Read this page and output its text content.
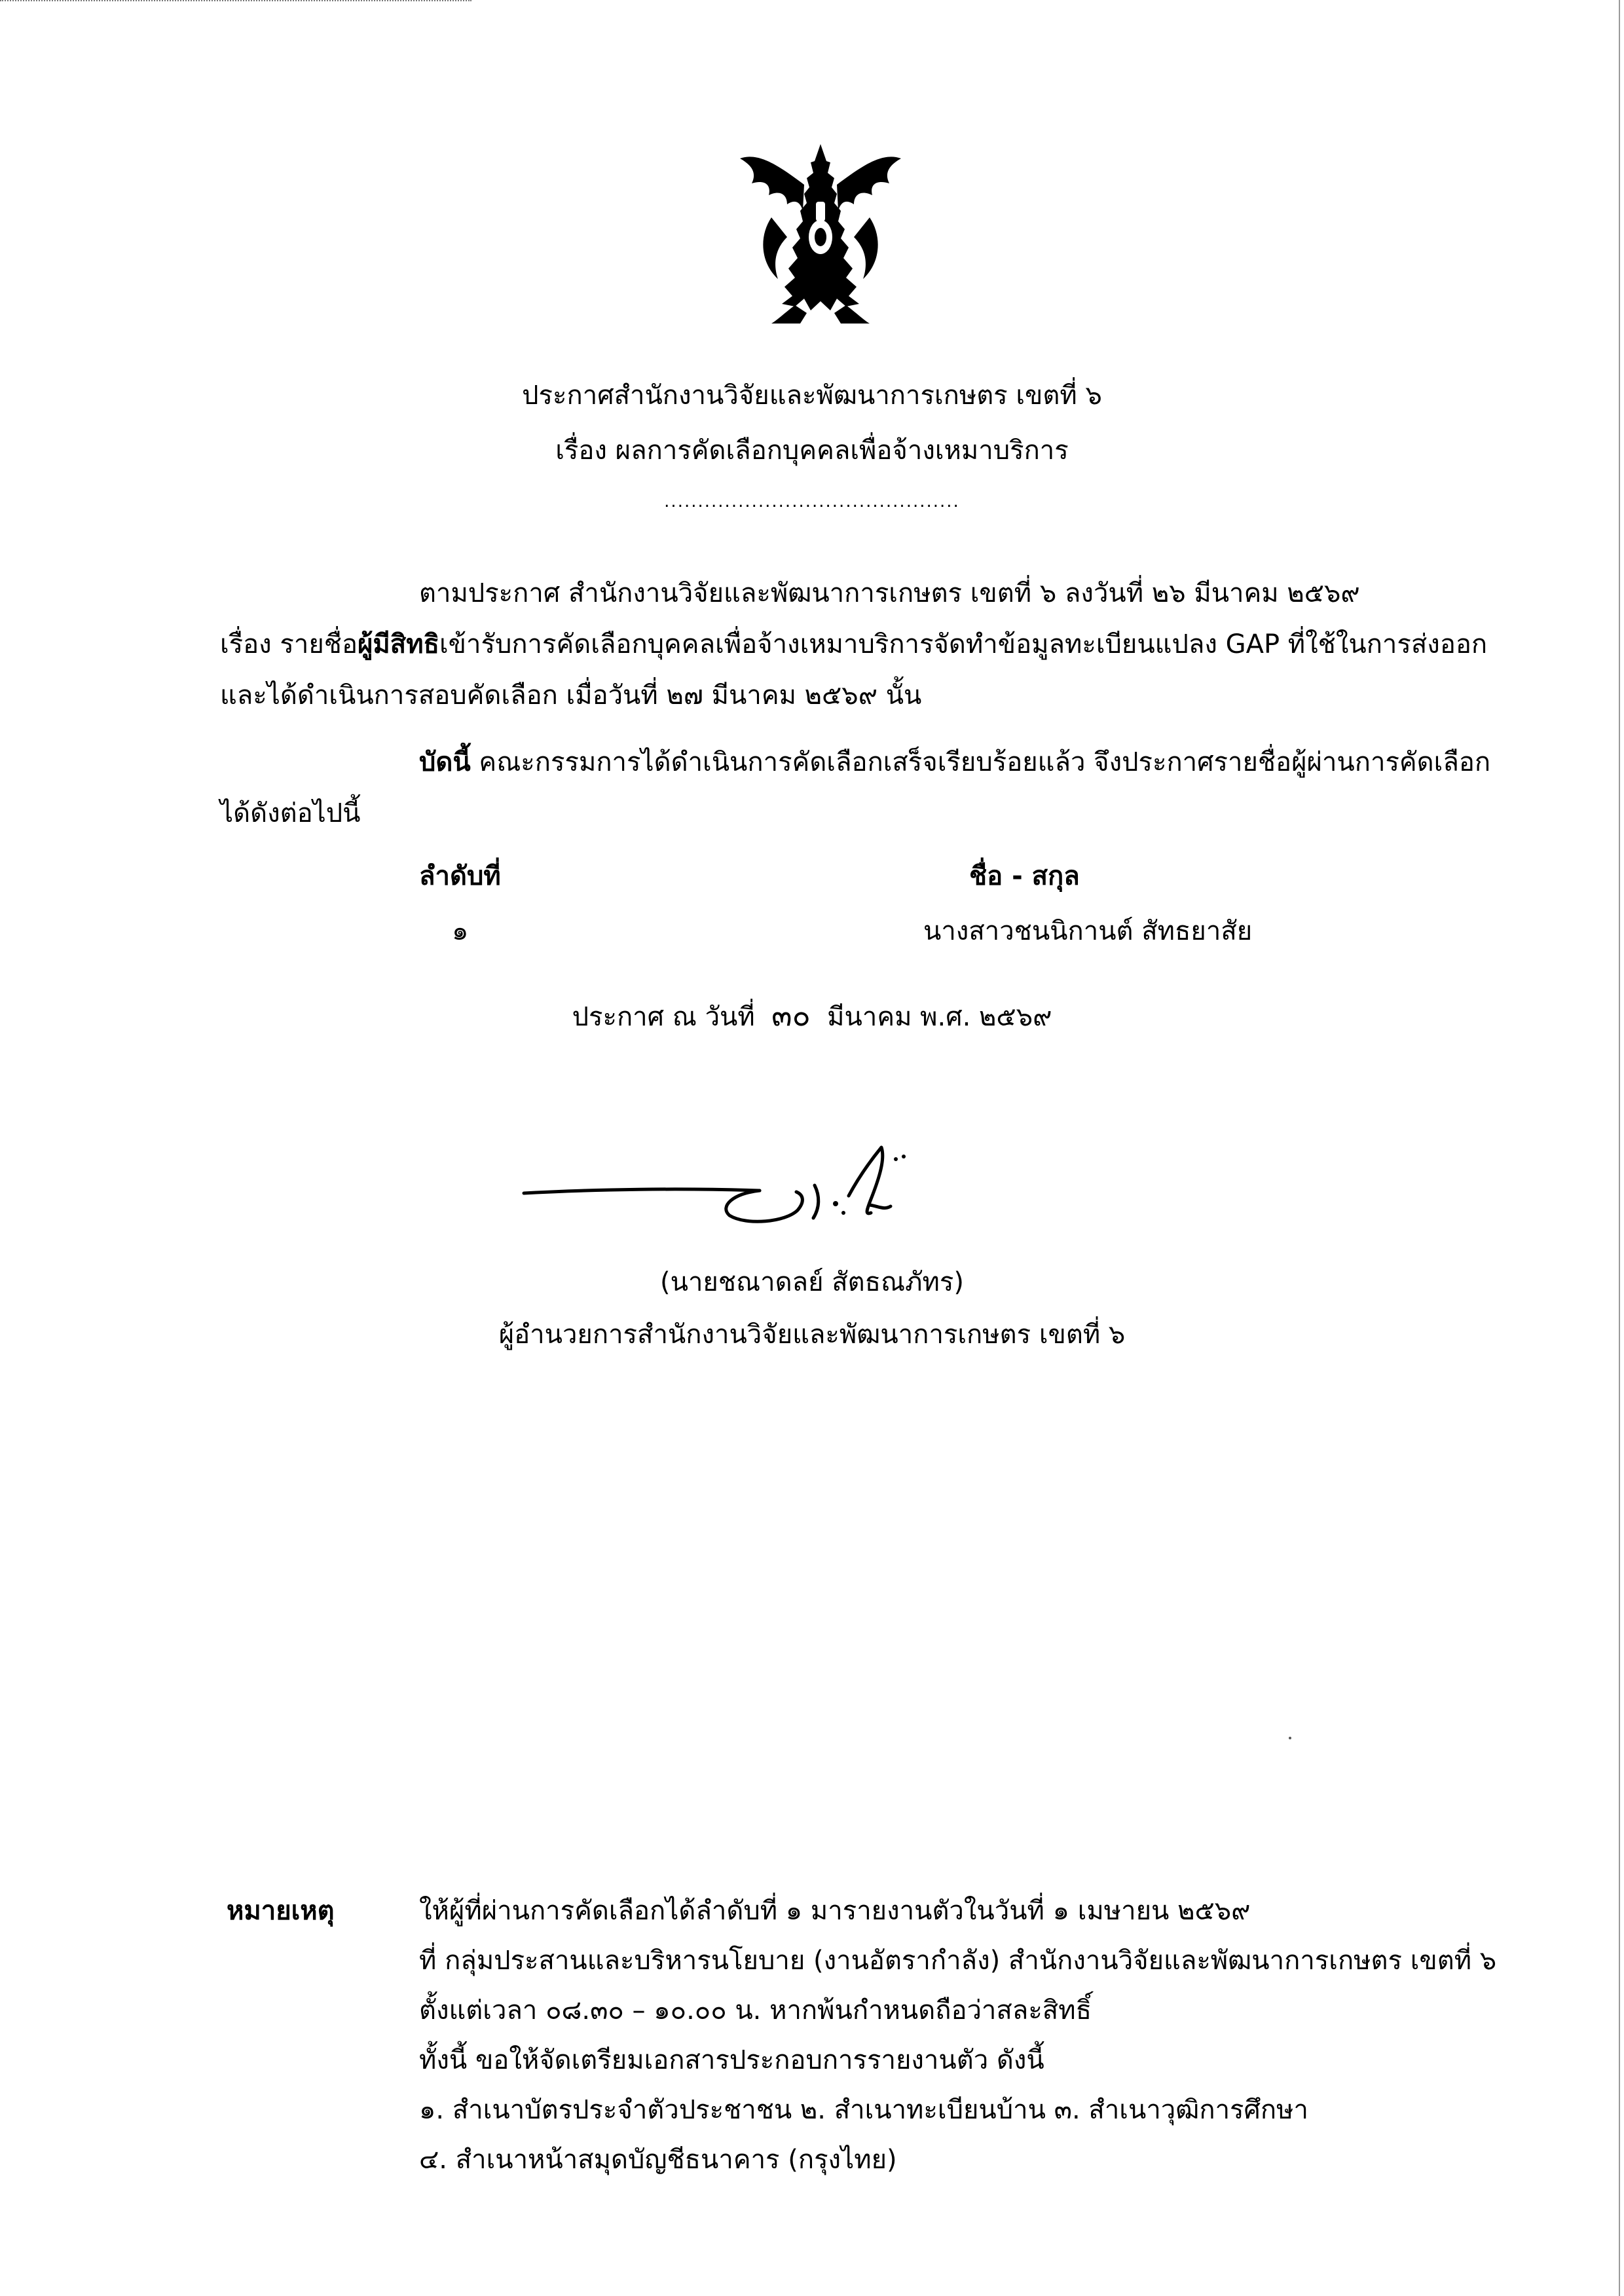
ประกาศสำนักงานวิจัยและพัฒนาการเกษตร เขตที่ ๖
เรื่อง ผลการคัดเลือกบุคคลเพื่อจ้างเหมาบริการ
............................................
ตามประกาศ สำนักงานวิจัยและพัฒนาการเกษตร เขตที่ ๖ ลงวันที่ ๒๖ มีนาคม ๒๕๖๙
เรื่อง รายชื่อผู้มีสิทธิเข้ารับการคัดเลือกบุคคลเพื่อจ้างเหมาบริการจัดทำข้อมูลทะเบียนแปลง GAP ที่ใช้ในการส่งออก
และได้ดำเนินการสอบคัดเลือก เมื่อวันที่ ๒๗ มีนาคม ๒๕๖๙ นั้น
บัดนี้ คณะกรรมการได้ดำเนินการคัดเลือกเสร็จเรียบร้อยแล้ว จึงประกาศรายชื่อผู้ผ่านการคัดเลือก
ได้ดังต่อไปนี้
ลำดับที่	ชื่อ - สกุล
๑	นางสาวชนนิกานต์ สัทธยาสัย
ประกาศ ณ วันที่ ๓๐ มีนาคม พ.ศ. ๒๕๖๙
(นายชณาดลย์ สัตธณภัทร)
ผู้อำนวยการสำนักงานวิจัยและพัฒนาการเกษตร เขตที่ ๖
หมายเหตุ	ให้ผู้ที่ผ่านการคัดเลือกได้ลำดับที่ ๑ มารายงานตัวในวันที่ ๑ เมษายน ๒๕๖๙
ที่ กลุ่มประสานและบริหารนโยบาย (งานอัตรากำลัง) สำนักงานวิจัยและพัฒนาการเกษตร เขตที่ ๖
ตั้งแต่เวลา ๐๘.๓๐ – ๑๐.๐๐ น. หากพ้นกำหนดถือว่าสละสิทธิ์
ทั้งนี้ ขอให้จัดเตรียมเอกสารประกอบการรายงานตัว ดังนี้
๑. สำเนาบัตรประจำตัวประชาชน ๒. สำเนาทะเบียนบ้าน ๓. สำเนาวุฒิการศึกษา
๔. สำเนาหน้าสมุดบัญชีธนาคาร (กรุงไทย)
